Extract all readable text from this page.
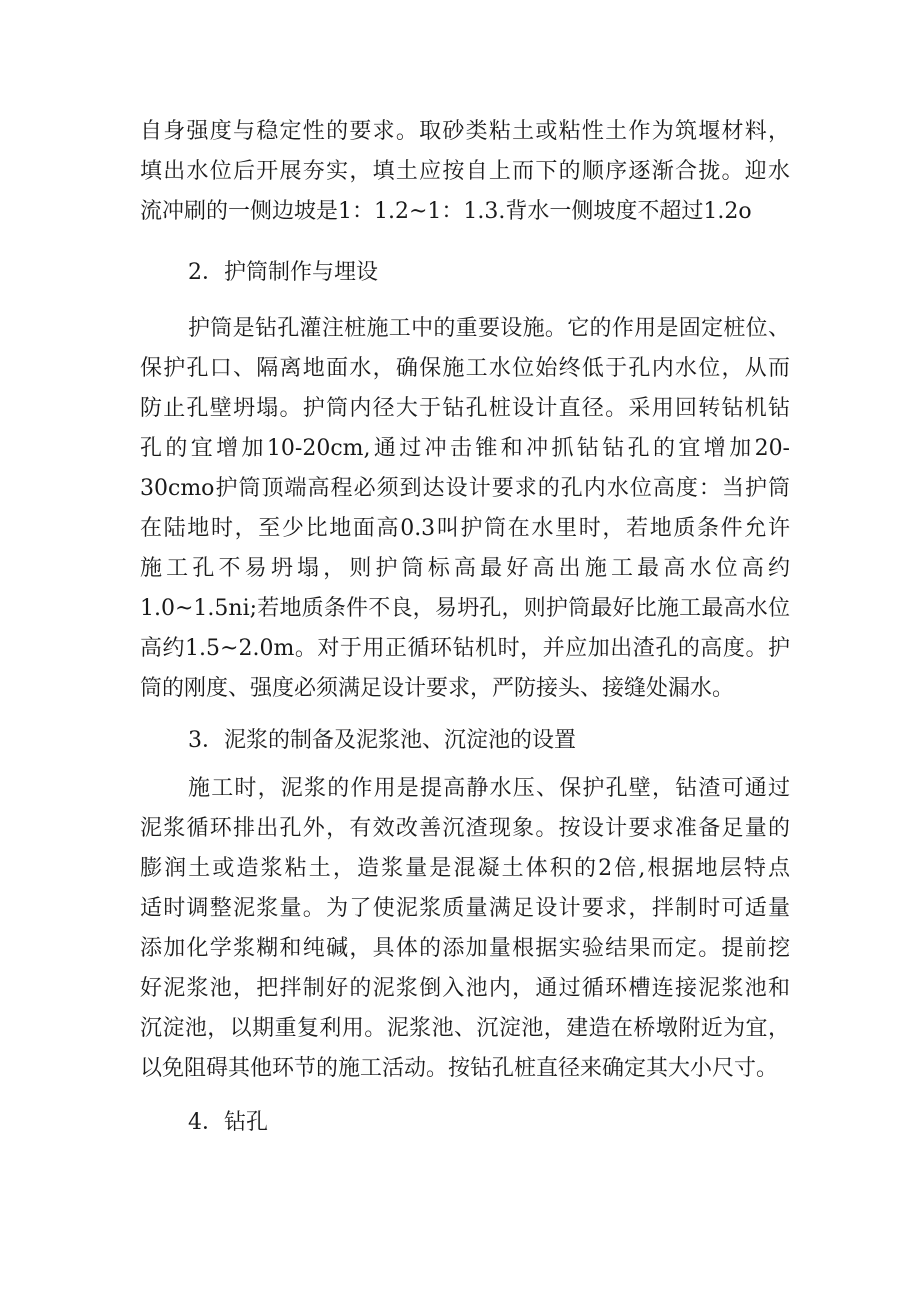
自身强度与稳定性的要求。取砂类粘土或粘性土作为筑堰材料，
填出水位后开展夯实，填土应按自上而下的顺序逐渐合拢。迎水
流冲刷的一侧边坡是1：1.2~1：1.3.背水一侧坡度不超过1.2o
2．护筒制作与埋设
护筒是钻孔灌注桩施工中的重要设施。它的作用是固定桩位、
保护孔口、隔离地面水，确保施工水位始终低于孔内水位，从而
防止孔壁坍塌。护筒内径大于钻孔桩设计直径。采用回转钻机钻
孔的宜增加10-20cm,通过冲击锥和冲抓钻钻孔的宜增加20-
30cmo护筒顶端高程必须到达设计要求的孔内水位高度：当护筒
在陆地时，至少比地面高0.3叫护筒在水里时，若地质条件允许
施工孔不易坍塌，则护筒标高最好高出施工最高水位高约
1.0~1.5ni;若地质条件不良，易坍孔，则护筒最好比施工最高水位
高约1.5~2.0m。对于用正循环钻机时，并应加出渣孔的高度。护
筒的刚度、强度必须满足设计要求，严防接头、接缝处漏水。
3．泥浆的制备及泥浆池、沉淀池的设置
施工时，泥浆的作用是提高静水压、保护孔壁，钻渣可通过
泥浆循环排出孔外，有效改善沉渣现象。按设计要求准备足量的
膨润土或造浆粘土，造浆量是混凝土体积的2倍,根据地层特点
适时调整泥浆量。为了使泥浆质量满足设计要求，拌制时可适量
添加化学浆糊和纯碱，具体的添加量根据实验结果而定。提前挖
好泥浆池，把拌制好的泥浆倒入池内，通过循环槽连接泥浆池和
沉淀池，以期重复利用。泥浆池、沉淀池，建造在桥墩附近为宜，
以免阻碍其他环节的施工活动。按钻孔桩直径来确定其大小尺寸。
4．钻孔
